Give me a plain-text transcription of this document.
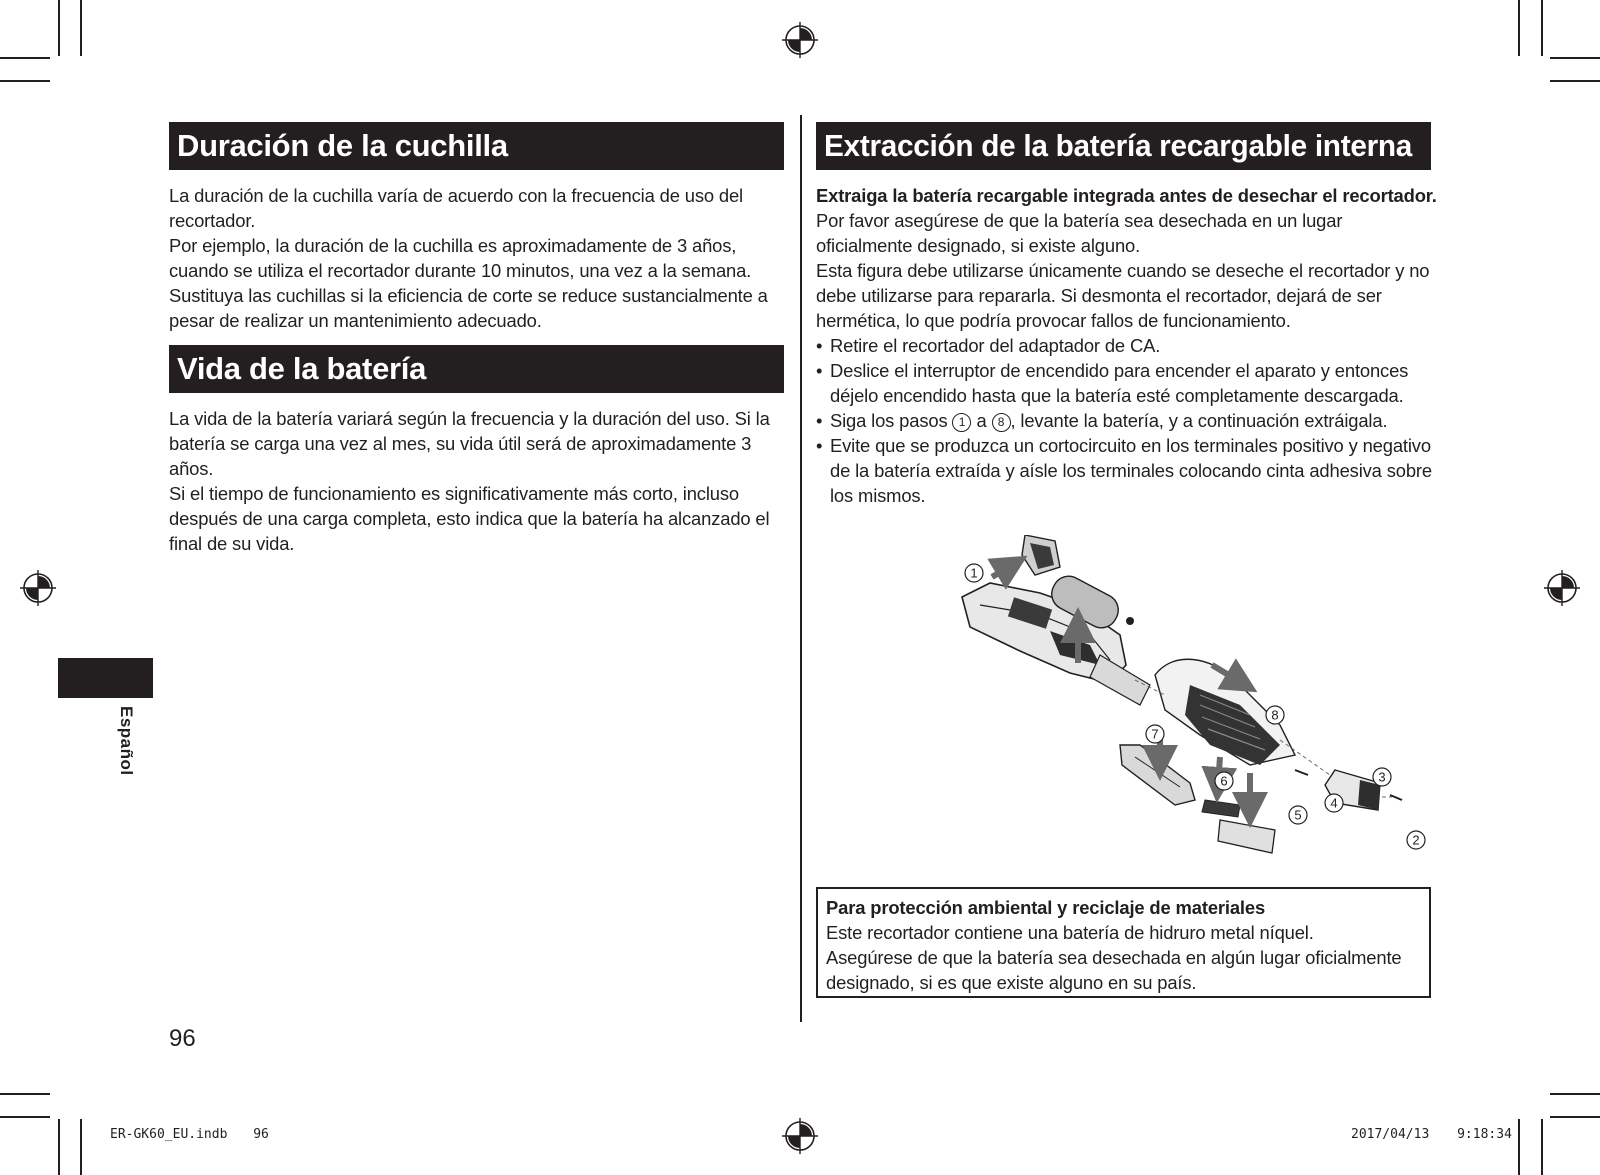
Duración de la cuchilla

La duración de la cuchilla varía de acuerdo con la frecuencia de uso del recortador.

Por ejemplo, la duración de la cuchilla es aproximadamente de 3 años, cuando se utiliza el recortador durante 10 minutos, una vez a la semana.

Sustituya las cuchillas si la eficiencia de corte se reduce sustancialmente a pesar de realizar un mantenimiento adecuado.

Vida de la batería

La vida de la batería variará según la frecuencia y la duración del uso. Si la batería se carga una vez al mes, su vida útil será de aproximadamente 3 años.

Si el tiempo de funcionamiento es significativamente más corto, incluso después de una carga completa, esto indica que la batería ha alcanzado el final de su vida.

Español
96
Extracción de la batería recargable interna

Extraiga la batería recargable integrada antes de desechar el recortador.

Por favor asegúrese de que la batería sea desechada en un lugar oficialmente designado, si existe alguno.

Esta figura debe utilizarse únicamente cuando se deseche el recortador y no debe utilizarse para repararla. Si desmonta el recortador, dejará de ser hermética, lo que podría provocar fallos de funcionamiento.

• Retire el recortador del adaptador de CA.
• Deslice el interruptor de encendido para encender el aparato y entonces déjelo encendido hasta que la batería esté completamente descargada.
• Siga los pasos 1 a 8 , levante la batería, y a continuación extráigala.
• Evite que se produzca un cortocircuito en los terminales positivo y negativo de la batería extraída y aísle los terminales colocando cinta adhesiva sobre los mismos.
1
2
3
4
5
6
7
8
Para protección ambiental y reciclaje de materiales
Este recortador contiene una batería de hidruro metal níquel.
Asegúrese de que la batería sea desechada en algún lugar oficialmente designado, si es que existe alguno en su país.
ER-GK60_EU.indb 96	2017/04/13 9:18:34
